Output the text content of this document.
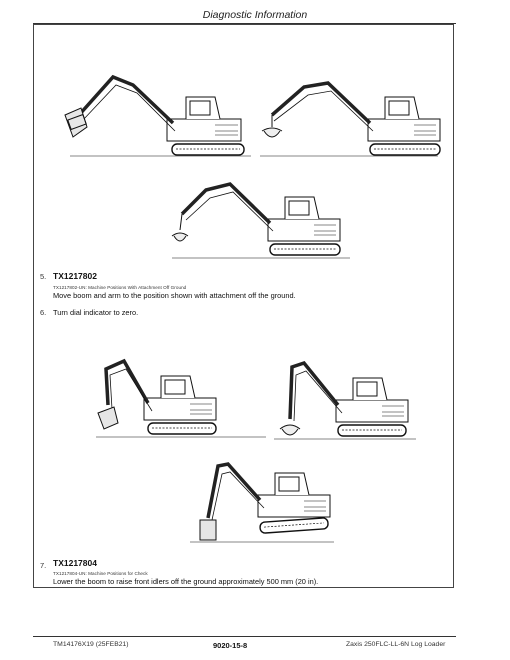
Diagnostic Information
5. TX1217802
TX1217802-UN: Machine Positions With Attachment Off Ground
Move boom and arm to the position shown with attachment off the ground.
6. Turn dial indicator to zero.
7. TX1217804
TX1217804-UN: Machine Positions for Check
Lower the boom to raise front idlers off the ground approximately 500 mm (20 in).
TM14176X19 (25FEB21)	9020-15-8	Zaxis 250FLC-LL-6N Log Loader
